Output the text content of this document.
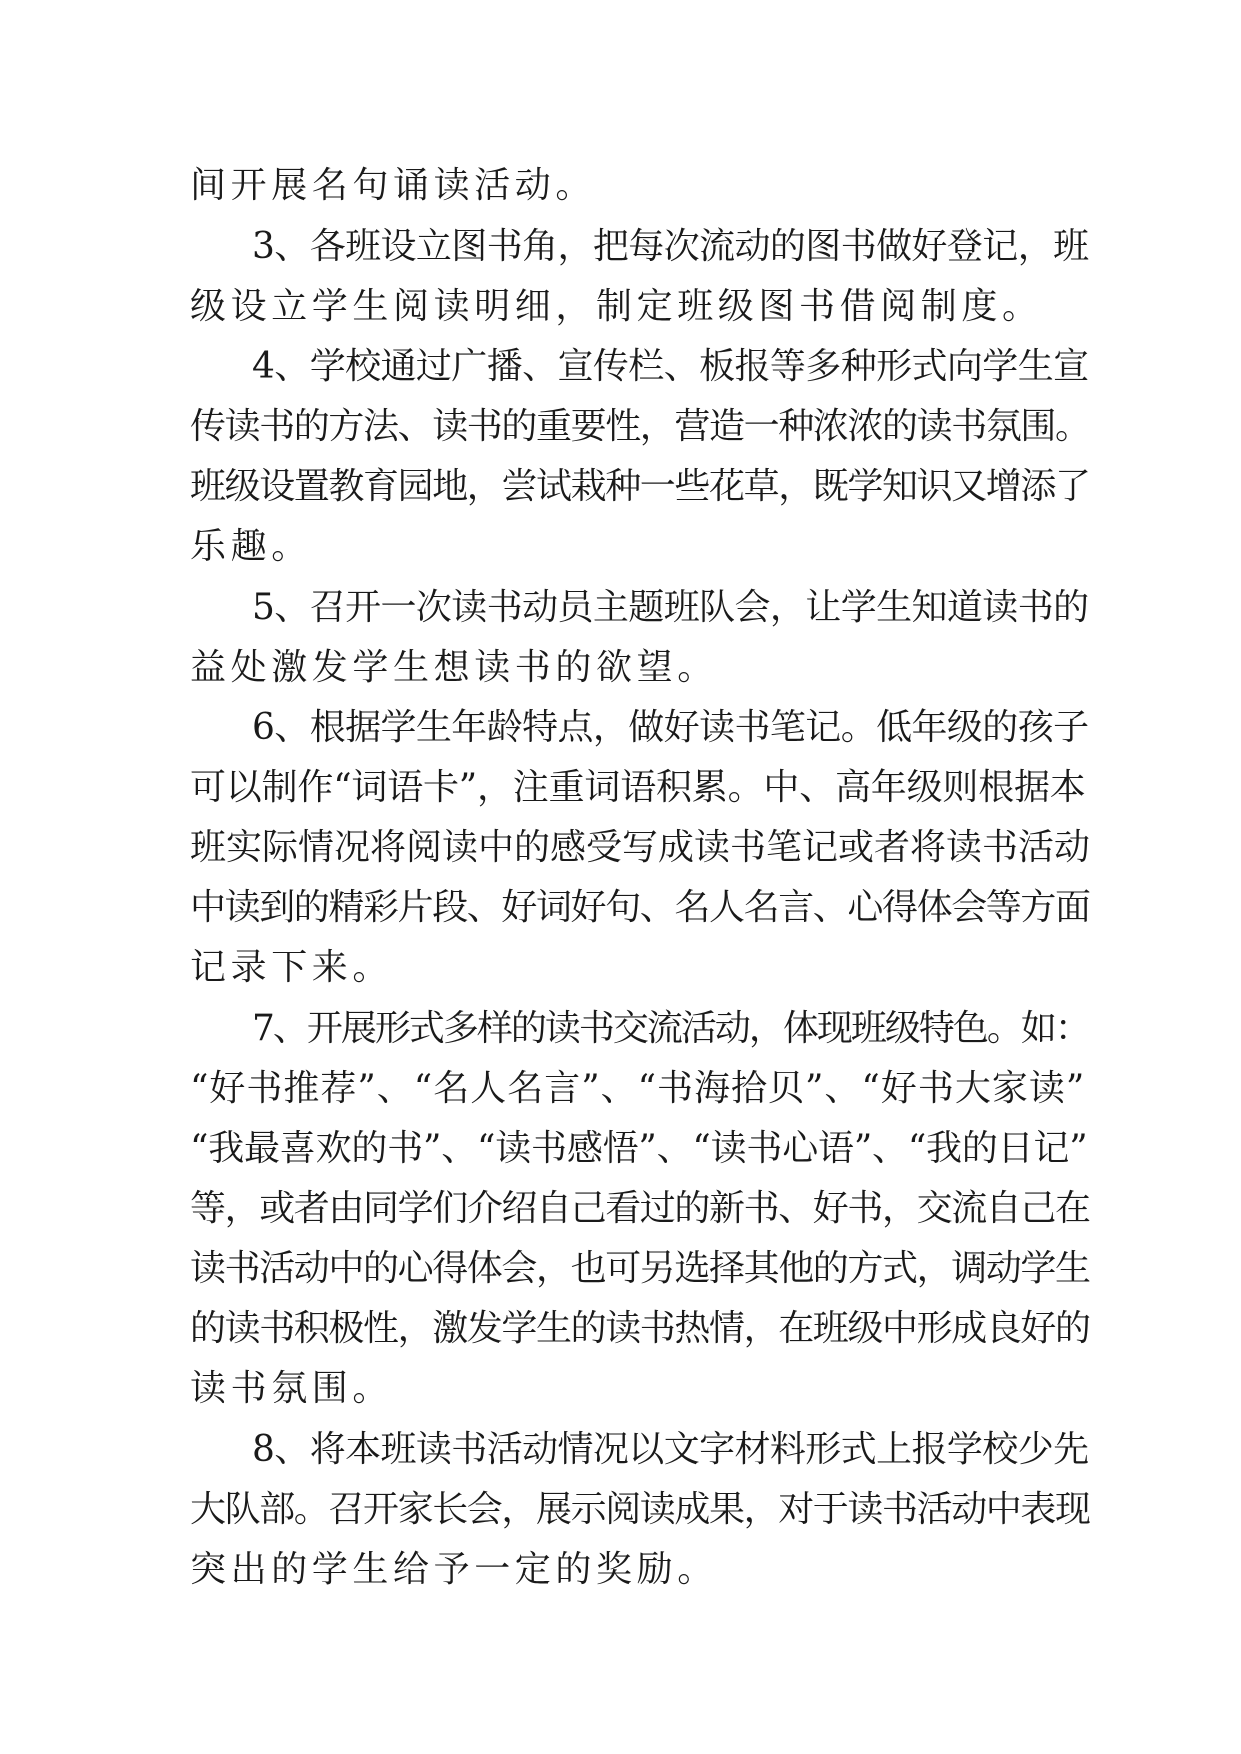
间开展名句诵读活动。
3、各班设立图书角，把每次流动的图书做好登记，班
级设立学生阅读明细，制定班级图书借阅制度。
4、学校通过广播、宣传栏、板报等多种形式向学生宣
传读书的方法、读书的重要性，营造一种浓浓的读书氛围。
班级设置教育园地，尝试栽种一些花草，既学知识又增添了
乐趣。
5、召开一次读书动员主题班队会，让学生知道读书的
益处激发学生想读书的欲望。
6、根据学生年龄特点，做好读书笔记。低年级的孩子
可以制作“词语卡”，注重词语积累。中、高年级则根据本
班实际情况将阅读中的感受写成读书笔记或者将读书活动
中读到的精彩片段、好词好句、名人名言、心得体会等方面
记录下来。
7、开展形式多样的读书交流活动，体现班级特色。如：
“好书推荐”、“名人名言”、“书海拾贝”、“好书大家读”
“我最喜欢的书”、“读书感悟”、“读书心语”、“我的日记”
等，或者由同学们介绍自己看过的新书、好书，交流自己在
读书活动中的心得体会，也可另选择其他的方式，调动学生
的读书积极性，激发学生的读书热情，在班级中形成良好的
读书氛围。
8、将本班读书活动情况以文字材料形式上报学校少先
大队部。召开家长会，展示阅读成果，对于读书活动中表现
突出的学生给予一定的奖励。
